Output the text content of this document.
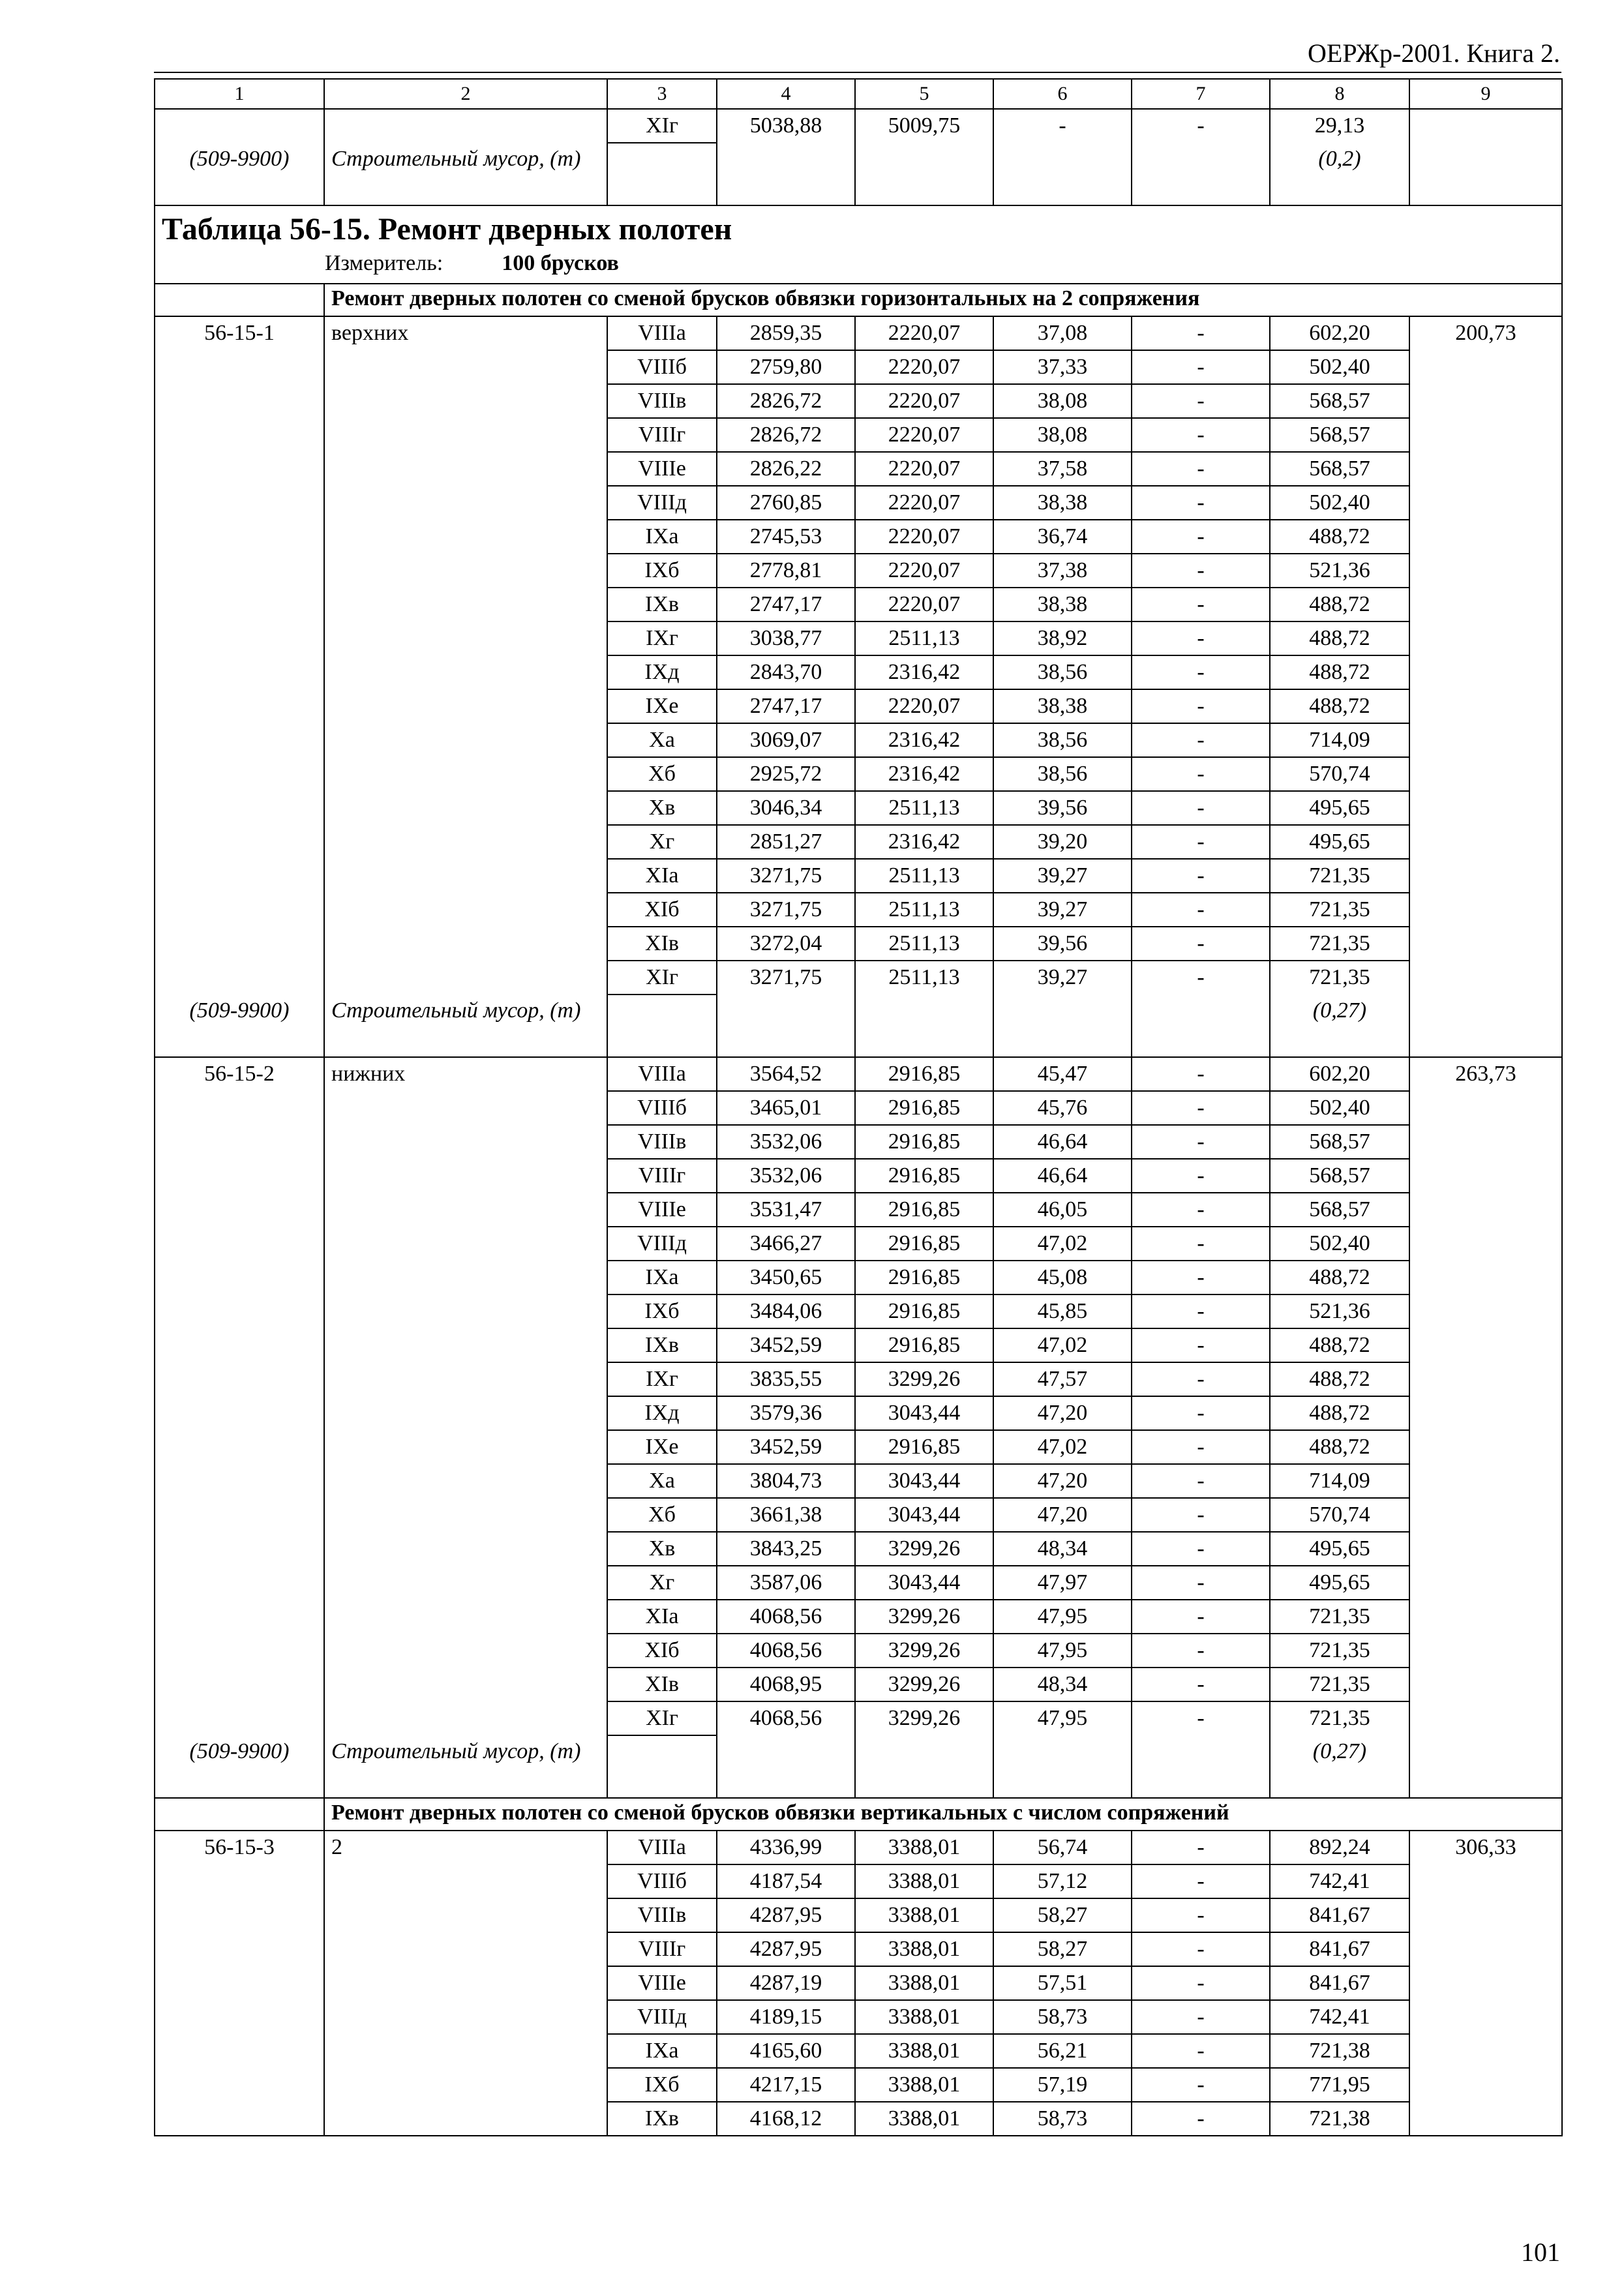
ОЕРЖр-2001. Книга 2.
1	2	3	4	5	6	7	8	9
		XIг	5038,88	5009,75	-	-	29,13	
(509-9900)	Строительный мусор, (т)						(0,2)	

Таблица 56-15. Ремонт дверных полотен
Измеритель: 100 брусков								

	Ремонт дверных полотен со сменой брусков обвязки горизонтальных на 2 сопряжения							
56-15-1	верхних	VIIIа	2859,35	2220,07	37,08	-	602,20	200,73
		VIIIб	2759,80	2220,07	37,33	-	502,40	
		VIIIв	2826,72	2220,07	38,08	-	568,57	
		VIIIг	2826,72	2220,07	38,08	-	568,57	
		VIIIе	2826,22	2220,07	37,58	-	568,57	
		VIIIд	2760,85	2220,07	38,38	-	502,40	
		IXа	2745,53	2220,07	36,74	-	488,72	
		IXб	2778,81	2220,07	37,38	-	521,36	
		IXв	2747,17	2220,07	38,38	-	488,72	
		IXг	3038,77	2511,13	38,92	-	488,72	
		IXд	2843,70	2316,42	38,56	-	488,72	
		IXе	2747,17	2220,07	38,38	-	488,72	
		Xа	3069,07	2316,42	38,56	-	714,09	
		Xб	2925,72	2316,42	38,56	-	570,74	
		Xв	3046,34	2511,13	39,56	-	495,65	
		Xг	2851,27	2316,42	39,20	-	495,65	
		XIа	3271,75	2511,13	39,27	-	721,35	
		XIб	3271,75	2511,13	39,27	-	721,35	
		XIв	3272,04	2511,13	39,56	-	721,35	
		XIг	3271,75	2511,13	39,27	-	721,35	
(509-9900)	Строительный мусор, (т)						(0,27)	
56-15-2	нижних	VIIIа	3564,52	2916,85	45,47	-	602,20	263,73
		VIIIб	3465,01	2916,85	45,76	-	502,40	
		VIIIв	3532,06	2916,85	46,64	-	568,57	
		VIIIг	3532,06	2916,85	46,64	-	568,57	
		VIIIе	3531,47	2916,85	46,05	-	568,57	
		VIIIд	3466,27	2916,85	47,02	-	502,40	
		IXа	3450,65	2916,85	45,08	-	488,72	
		IXб	3484,06	2916,85	45,85	-	521,36	
		IXв	3452,59	2916,85	47,02	-	488,72	
		IXг	3835,55	3299,26	47,57	-	488,72	
		IXд	3579,36	3043,44	47,20	-	488,72	
		IXе	3452,59	2916,85	47,02	-	488,72	
		Xа	3804,73	3043,44	47,20	-	714,09	
		Xб	3661,38	3043,44	47,20	-	570,74	
		Xв	3843,25	3299,26	48,34	-	495,65	
		Xг	3587,06	3043,44	47,97	-	495,65	
		XIа	4068,56	3299,26	47,95	-	721,35	
		XIб	4068,56	3299,26	47,95	-	721,35	
		XIв	4068,95	3299,26	48,34	-	721,35	
		XIг	4068,56	3299,26	47,95	-	721,35	
(509-9900)	Строительный мусор, (т)						(0,27)	
	Ремонт дверных полотен со сменой брусков обвязки вертикальных с числом сопряжений							
56-15-3	2	VIIIа	4336,99	3388,01	56,74	-	892,24	306,33
		VIIIб	4187,54	3388,01	57,12	-	742,41	
		VIIIв	4287,95	3388,01	58,27	-	841,67	
		VIIIг	4287,95	3388,01	58,27	-	841,67	
		VIIIе	4287,19	3388,01	57,51	-	841,67	
		VIIIд	4189,15	3388,01	58,73	-	742,41	
		IXа	4165,60	3388,01	56,21	-	721,38	
		IXб	4217,15	3388,01	57,19	-	771,95	
		IXв	4168,12	3388,01	58,73	-	721,38	
101
